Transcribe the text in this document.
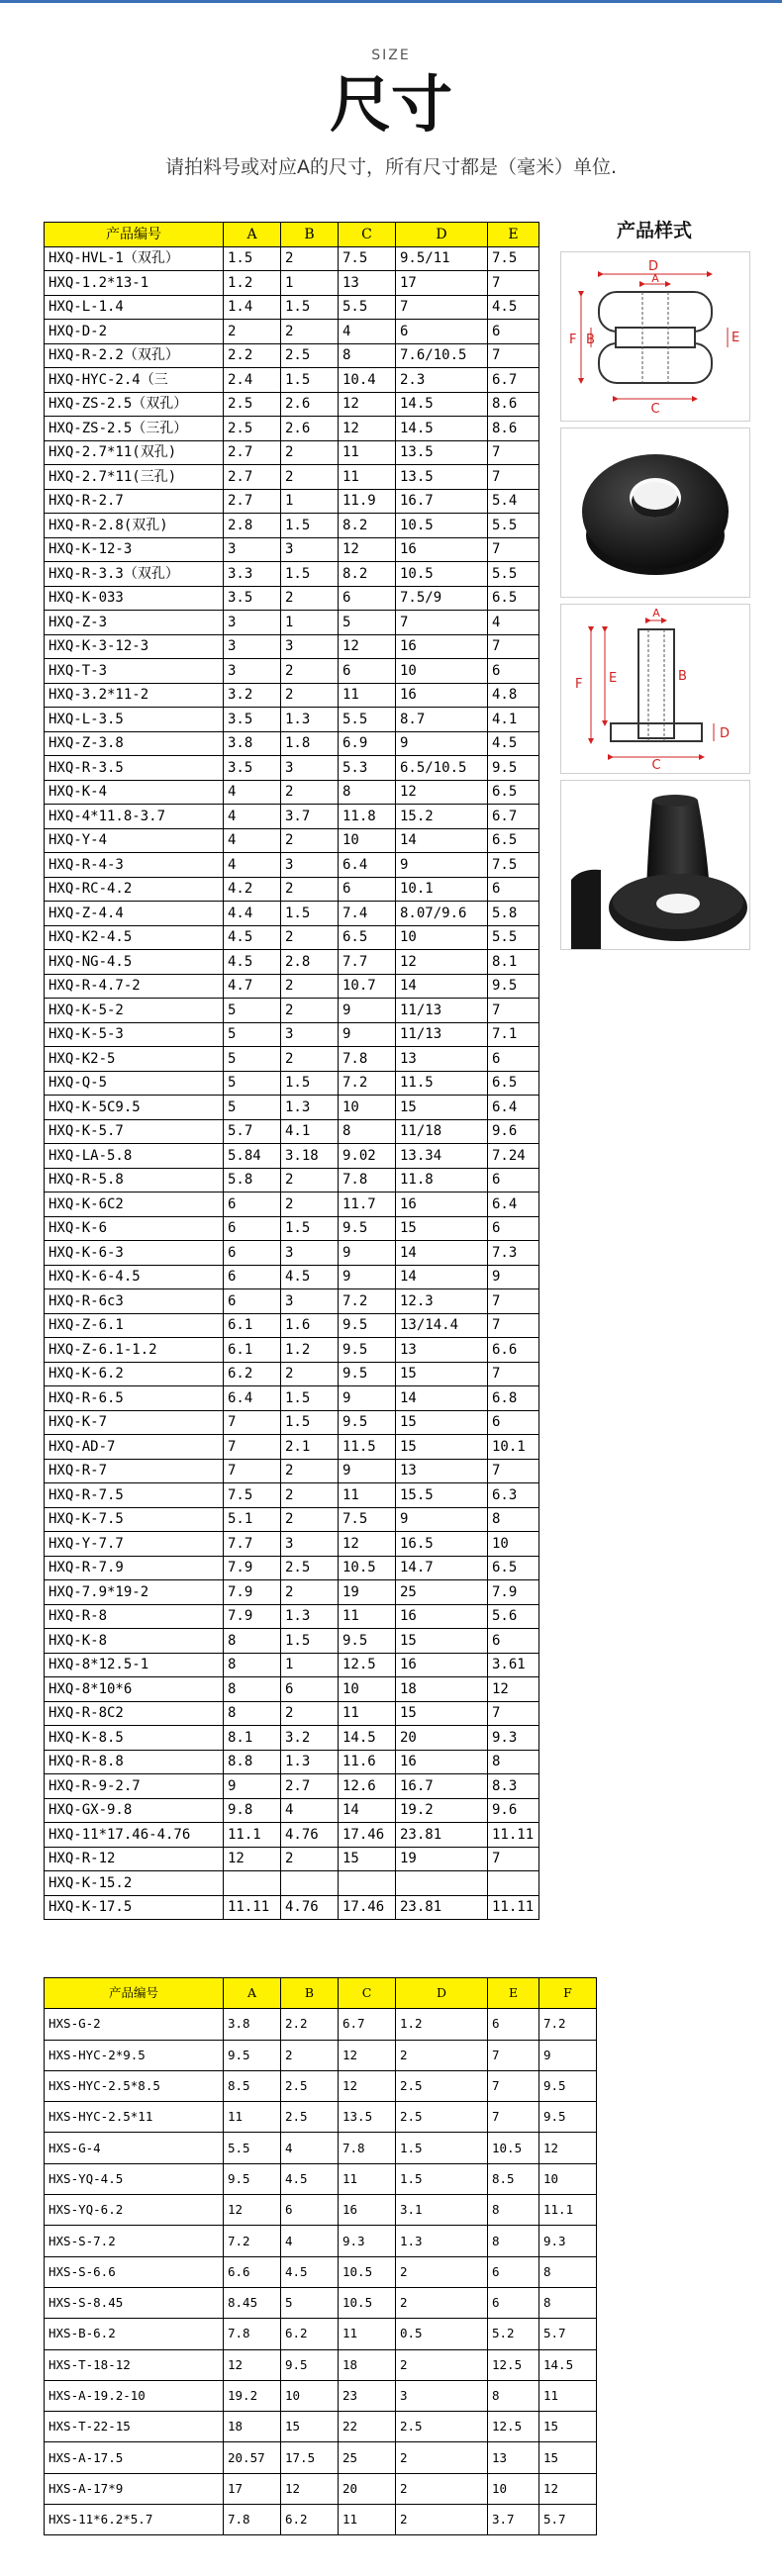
SIZE
尺寸
请拍料号或对应A的尺寸，所有尺寸都是（毫米）单位.
产品编号	A	B	C	D	E
HXQ-HVL-1（双孔）	1.5	2	7.5	9.5/11	7.5
HXQ-1.2*13-1	1.2	1	13	17	7
HXQ-L-1.4	1.4	1.5	5.5	7	4.5
HXQ-D-2	2	2	4	6	6
HXQ-R-2.2（双孔）	2.2	2.5	8	7.6/10.5	7
HXQ-HYC-2.4（三	2.4	1.5	10.4	2.3	6.7
HXQ-ZS-2.5（双孔）	2.5	2.6	12	14.5	8.6
HXQ-ZS-2.5（三孔）	2.5	2.6	12	14.5	8.6
HXQ-2.7*11(双孔)	2.7	2	11	13.5	7
HXQ-2.7*11(三孔)	2.7	2	11	13.5	7
HXQ-R-2.7	2.7	1	11.9	16.7	5.4
HXQ-R-2.8(双孔)	2.8	1.5	8.2	10.5	5.5
HXQ-K-12-3	3	3	12	16	7
HXQ-R-3.3（双孔）	3.3	1.5	8.2	10.5	5.5
HXQ-K-033	3.5	2	6	7.5/9	6.5
HXQ-Z-3	3	1	5	7	4
HXQ-K-3-12-3	3	3	12	16	7
HXQ-T-3	3	2	6	10	6
HXQ-3.2*11-2	3.2	2	11	16	4.8
HXQ-L-3.5	3.5	1.3	5.5	8.7	4.1
HXQ-Z-3.8	3.8	1.8	6.9	9	4.5
HXQ-R-3.5	3.5	3	5.3	6.5/10.5	9.5
HXQ-K-4	4	2	8	12	6.5
HXQ-4*11.8-3.7	4	3.7	11.8	15.2	6.7
HXQ-Y-4	4	2	10	14	6.5
HXQ-R-4-3	4	3	6.4	9	7.5
HXQ-RC-4.2	4.2	2	6	10.1	6
HXQ-Z-4.4	4.4	1.5	7.4	8.07/9.6	5.8
HXQ-K2-4.5	4.5	2	6.5	10	5.5
HXQ-NG-4.5	4.5	2.8	7.7	12	8.1
HXQ-R-4.7-2	4.7	2	10.7	14	9.5
HXQ-K-5-2	5	2	9	11/13	7
HXQ-K-5-3	5	3	9	11/13	7.1
HXQ-K2-5	5	2	7.8	13	6
HXQ-Q-5	5	1.5	7.2	11.5	6.5
HXQ-K-5C9.5	5	1.3	10	15	6.4
HXQ-K-5.7	5.7	4.1	8	11/18	9.6
HXQ-LA-5.8	5.84	3.18	9.02	13.34	7.24
HXQ-R-5.8	5.8	2	7.8	11.8	6
HXQ-K-6C2	6	2	11.7	16	6.4
HXQ-K-6	6	1.5	9.5	15	6
HXQ-K-6-3	6	3	9	14	7.3
HXQ-K-6-4.5	6	4.5	9	14	9
HXQ-R-6c3	6	3	7.2	12.3	7
HXQ-Z-6.1	6.1	1.6	9.5	13/14.4	7
HXQ-Z-6.1-1.2	6.1	1.2	9.5	13	6.6
HXQ-K-6.2	6.2	2	9.5	15	7
HXQ-R-6.5	6.4	1.5	9	14	6.8
HXQ-K-7	7	1.5	9.5	15	6
HXQ-AD-7	7	2.1	11.5	15	10.1
HXQ-R-7	7	2	9	13	7
HXQ-R-7.5	7.5	2	11	15.5	6.3
HXQ-K-7.5	5.1	2	7.5	9	8
HXQ-Y-7.7	7.7	3	12	16.5	10
HXQ-R-7.9	7.9	2.5	10.5	14.7	6.5
HXQ-7.9*19-2	7.9	2	19	25	7.9
HXQ-R-8	7.9	1.3	11	16	5.6
HXQ-K-8	8	1.5	9.5	15	6
HXQ-8*12.5-1	8	1	12.5	16	3.61
HXQ-8*10*6	8	6	10	18	12
HXQ-R-8C2	8	2	11	15	7
HXQ-K-8.5	8.1	3.2	14.5	20	9.3
HXQ-R-8.8	8.8	1.3	11.6	16	8
HXQ-R-9-2.7	9	2.7	12.6	16.7	8.3
HXQ-GX-9.8	9.8	4	14	19.2	9.6
HXQ-11*17.46-4.76	11.1	4.76	17.46	23.81	11.11
HXQ-R-12	12	2	15	19	7
HXQ-K-15.2					
HXQ-K-17.5	11.11	4.76	17.46	23.81	11.11
产品样式
D
A
B	E
F
C
A
F E	B
D
C
产品编号	A	B	C	D	E	F
HXS-G-2	3.8	2.2	6.7	1.2	6	7.2
HXS-HYC-2*9.5	9.5	2	12	2	7	9
HXS-HYC-2.5*8.5	8.5	2.5	12	2.5	7	9.5
HXS-HYC-2.5*11	11	2.5	13.5	2.5	7	9.5
HXS-G-4	5.5	4	7.8	1.5	10.5	12
HXS-YQ-4.5	9.5	4.5	11	1.5	8.5	10
HXS-YQ-6.2	12	6	16	3.1	8	11.1
HXS-S-7.2	7.2	4	9.3	1.3	8	9.3
HXS-S-6.6	6.6	4.5	10.5	2	6	8
HXS-S-8.45	8.45	5	10.5	2	6	8
HXS-B-6.2	7.8	6.2	11	0.5	5.2	5.7
HXS-T-18-12	12	9.5	18	2	12.5	14.5
HXS-A-19.2-10	19.2	10	23	3	8	11
HXS-T-22-15	18	15	22	2.5	12.5	15
HXS-A-17.5	20.57	17.5	25	2	13	15
HXS-A-17*9	17	12	20	2	10	12
HXS-11*6.2*5.7	7.8	6.2	11	2	3.7	5.7
